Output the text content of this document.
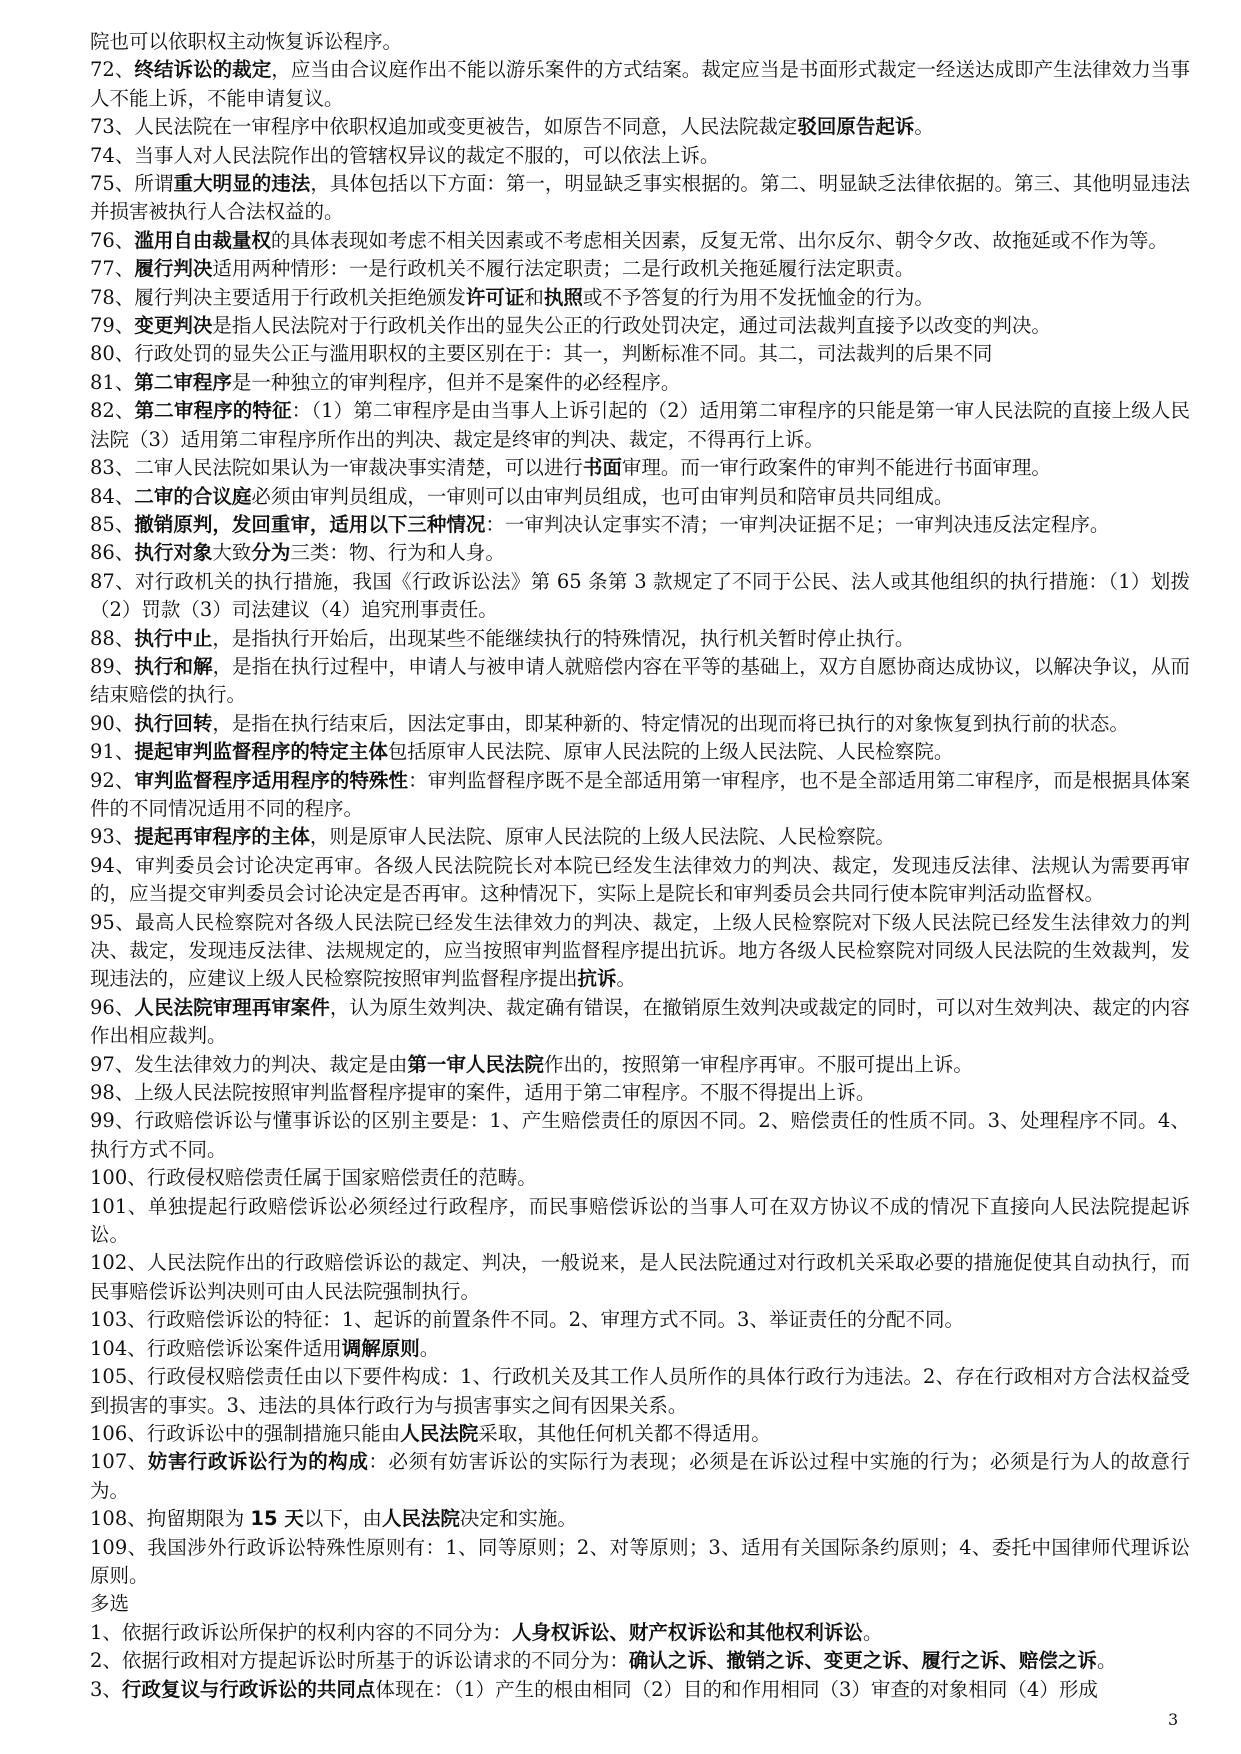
院也可以依职权主动恢复诉讼程序。

72、终结诉讼的裁定，应当由合议庭作出不能以游乐案件的方式结案。裁定应当是书面形式裁定一经送达成即产生法律效力当事人不能上诉，不能申请复议。

73、人民法院在一审程序中依职权追加或变更被告，如原告不同意，人民法院裁定驳回原告起诉。

74、当事人对人民法院作出的管辖权异议的裁定不服的，可以依法上诉。

75、所谓重大明显的违法，具体包括以下方面：第一，明显缺乏事实根据的。第二、明显缺乏法律依据的。第三、其他明显违法并损害被执行人合法权益的。

76、滥用自由裁量权的具体表现如考虑不相关因素或不考虑相关因素，反复无常、出尔反尔、朝令夕改、故拖延或不作为等。

77、履行判决适用两种情形：一是行政机关不履行法定职责；二是行政机关拖延履行法定职责。

78、履行判决主要适用于行政机关拒绝颁发许可证和执照或不予答复的行为用不发抚恤金的行为。

79、变更判决是指人民法院对于行政机关作出的显失公正的行政处罚决定，通过司法裁判直接予以改变的判决。

80、行政处罚的显失公正与滥用职权的主要区别在于：其一，判断标准不同。其二，司法裁判的后果不同

81、第二审程序是一种独立的审判程序，但并不是案件的必经程序。

82、第二审程序的特征：（1）第二审程序是由当事人上诉引起的（2）适用第二审程序的只能是第一审人民法院的直接上级人民法院（3）适用第二审程序所作出的判决、裁定是终审的判决、裁定，不得再行上诉。

83、二审人民法院如果认为一审裁决事实清楚，可以进行书面审理。而一审行政案件的审判不能进行书面审理。

84、二审的合议庭必须由审判员组成，一审则可以由审判员组成，也可由审判员和陪审员共同组成。

85、撤销原判，发回重审，适用以下三种情况：一审判决认定事实不清；一审判决证据不足；一审判决违反法定程序。

86、执行对象大致分为三类：物、行为和人身。

87、对行政机关的执行措施，我国《行政诉讼法》第 65 条第 3 款规定了不同于公民、法人或其他组织的执行措施：（1）划拨（2）罚款（3）司法建议（4）追究刑事责任。

88、执行中止，是指执行开始后，出现某些不能继续执行的特殊情况，执行机关暂时停止执行。

89、执行和解，是指在执行过程中，申请人与被申请人就赔偿内容在平等的基础上，双方自愿协商达成协议，以解决争议，从而结束赔偿的执行。

90、执行回转，是指在执行结束后，因法定事由，即某种新的、特定情况的出现而将已执行的对象恢复到执行前的状态。

91、提起审判监督程序的特定主体包括原审人民法院、原审人民法院的上级人民法院、人民检察院。

92、审判监督程序适用程序的特殊性：审判监督程序既不是全部适用第一审程序，也不是全部适用第二审程序，而是根据具体案件的不同情况适用不同的程序。

93、提起再审程序的主体，则是原审人民法院、原审人民法院的上级人民法院、人民检察院。

94、审判委员会讨论决定再审。各级人民法院院长对本院已经发生法律效力的判决、裁定，发现违反法律、法规认为需要再审的，应当提交审判委员会讨论决定是否再审。这种情况下，实际上是院长和审判委员会共同行使本院审判活动监督权。

95、最高人民检察院对各级人民法院已经发生法律效力的判决、裁定，上级人民检察院对下级人民法院已经发生法律效力的判决、裁定，发现违反法律、法规规定的，应当按照审判监督程序提出抗诉。地方各级人民检察院对同级人民法院的生效裁判，发现违法的，应建议上级人民检察院按照审判监督程序提出抗诉。

96、人民法院审理再审案件，认为原生效判决、裁定确有错误，在撤销原生效判决或裁定的同时，可以对生效判决、裁定的内容作出相应裁判。

97、发生法律效力的判决、裁定是由第一审人民法院作出的，按照第一审程序再审。不服可提出上诉。

98、上级人民法院按照审判监督程序提审的案件，适用于第二审程序。不服不得提出上诉。

99、行政赔偿诉讼与懂事诉讼的区别主要是：1、产生赔偿责任的原因不同。2、赔偿责任的性质不同。3、处理程序不同。4、执行方式不同。

100、行政侵权赔偿责任属于国家赔偿责任的范畴。

101、单独提起行政赔偿诉讼必须经过行政程序，而民事赔偿诉讼的当事人可在双方协议不成的情况下直接向人民法院提起诉讼。

102、人民法院作出的行政赔偿诉讼的裁定、判决，一般说来，是人民法院通过对行政机关采取必要的措施促使其自动执行，而民事赔偿诉讼判决则可由人民法院强制执行。

103、行政赔偿诉讼的特征：1、起诉的前置条件不同。2、审理方式不同。3、举证责任的分配不同。

104、行政赔偿诉讼案件适用调解原则。

105、行政侵权赔偿责任由以下要件构成：1、行政机关及其工作人员所作的具体行政行为违法。2、存在行政相对方合法权益受到损害的事实。3、违法的具体行政行为与损害事实之间有因果关系。

106、行政诉讼中的强制措施只能由人民法院采取，其他任何机关都不得适用。

107、妨害行政诉讼行为的构成：必须有妨害诉讼的实际行为表现；必须是在诉讼过程中实施的行为；必须是行为人的故意行为。

108、拘留期限为 15 天以下，由人民法院决定和实施。

109、我国涉外行政诉讼特殊性原则有：1、同等原则；2、对等原则；3、适用有关国际条约原则；4、委托中国律师代理诉讼原则。

多选

1、依据行政诉讼所保护的权利内容的不同分为：人身权诉讼、财产权诉讼和其他权利诉讼。

2、依据行政相对方提起诉讼时所基于的诉讼请求的不同分为：确认之诉、撤销之诉、变更之诉、履行之诉、赔偿之诉。

3、行政复议与行政诉讼的共同点体现在：（1）产生的根由相同（2）目的和作用相同（3）审查的对象相同（4）形成

3
